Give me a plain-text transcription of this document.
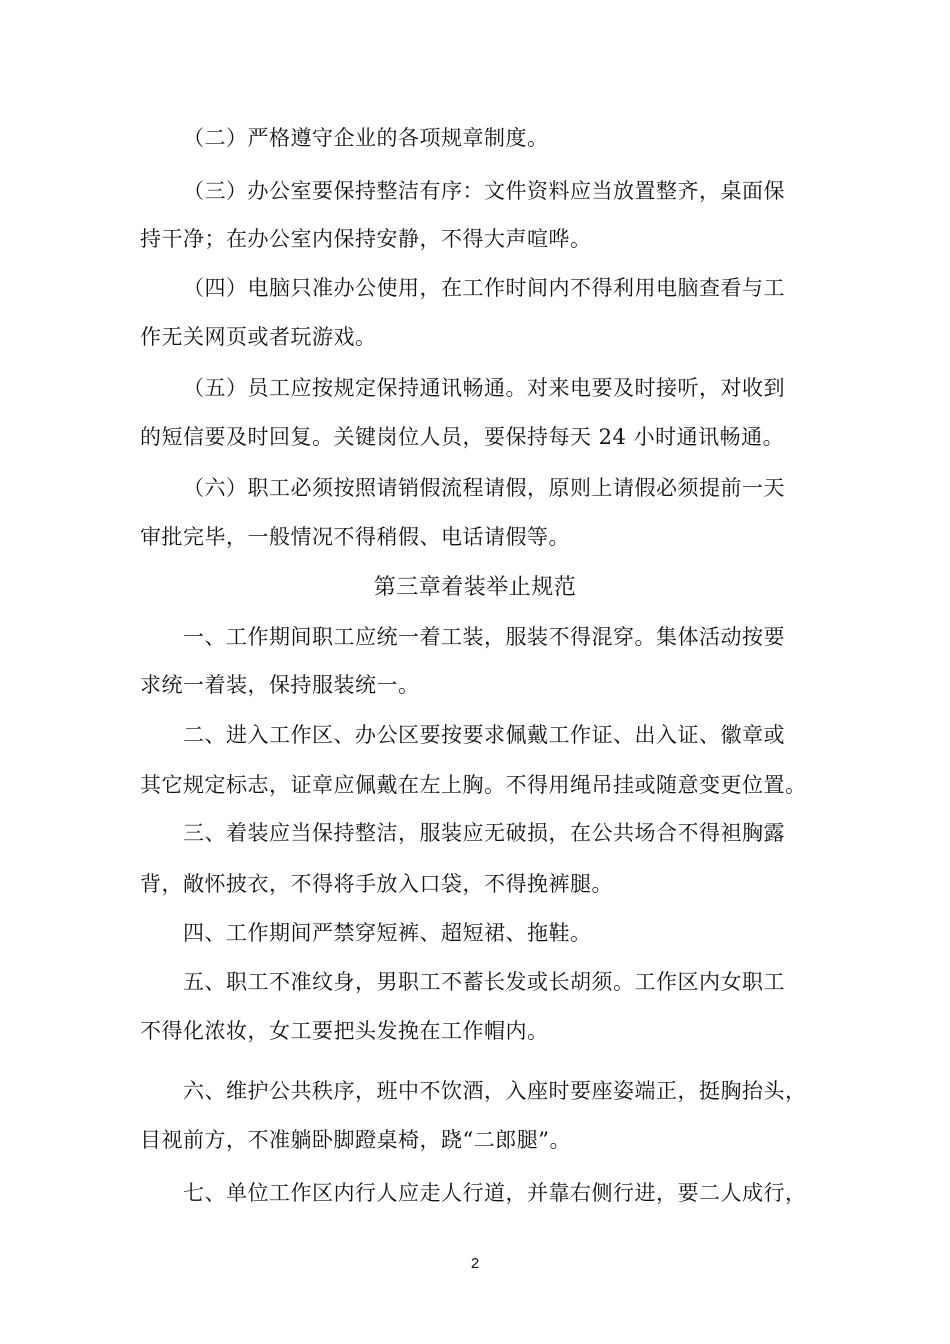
（二）严格遵守企业的各项规章制度。
（三）办公室要保持整洁有序：文件资料应当放置整齐，桌面保
持干净；在办公室内保持安静，不得大声喧哗。
（四）电脑只准办公使用，在工作时间内不得利用电脑查看与工
作无关网页或者玩游戏。
（五）员工应按规定保持通讯畅通。对来电要及时接听，对收到
的短信要及时回复。关键岗位人员，要保持每天 24 小时通讯畅通。
（六）职工必须按照请销假流程请假，原则上请假必须提前一天
审批完毕，一般情况不得稍假、电话请假等。
第三章着装举止规范
一、工作期间职工应统一着工装，服装不得混穿。集体活动按要
求统一着装，保持服装统一。
二、进入工作区、办公区要按要求佩戴工作证、出入证、徽章或
其它规定标志，证章应佩戴在左上胸。不得用绳吊挂或随意变更位置。
三、着装应当保持整洁，服装应无破损，在公共场合不得袒胸露
背，敞怀披衣，不得将手放入口袋，不得挽裤腿。
四、工作期间严禁穿短裤、超短裙、拖鞋。
五、职工不准纹身，男职工不蓄长发或长胡须。工作区内女职工
不得化浓妆，女工要把头发挽在工作帽内。
六、维护公共秩序，班中不饮酒，入座时要座姿端正，挺胸抬头，
目视前方，不准躺卧脚蹬桌椅，跷“二郎腿”。
七、单位工作区内行人应走人行道，并靠右侧行进，要二人成行，
2
